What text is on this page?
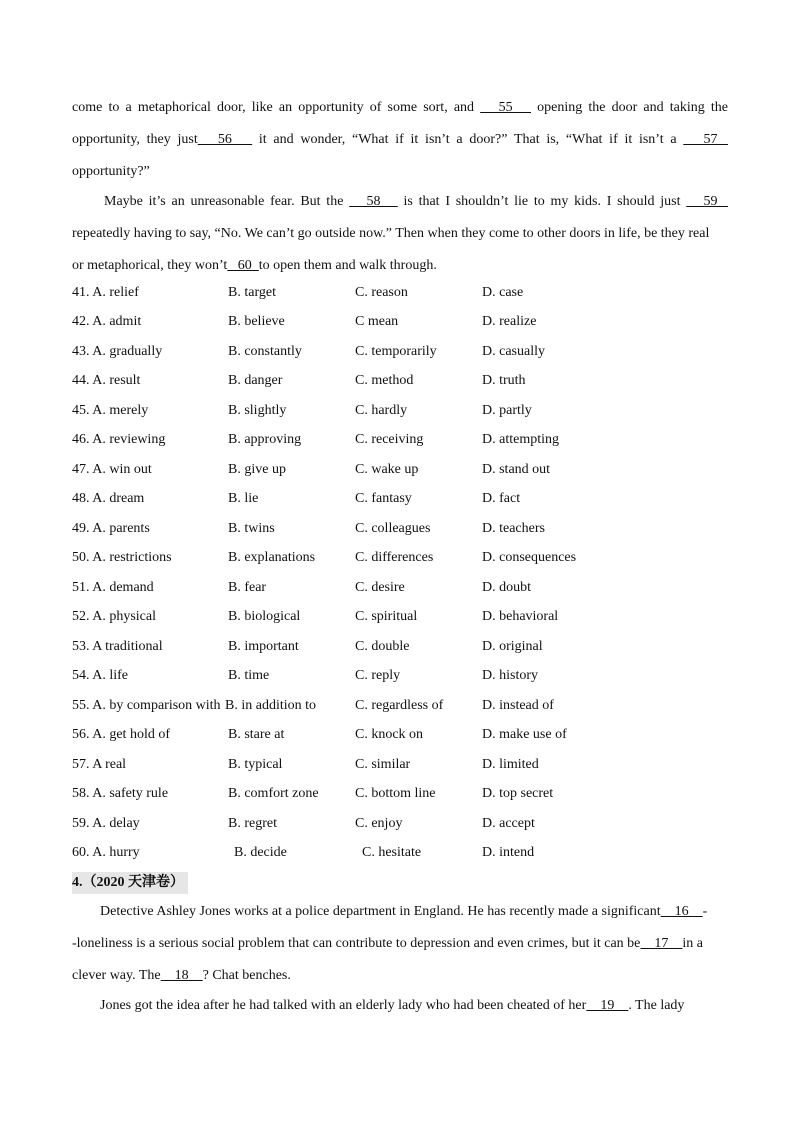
come to a metaphorical door, like an opportunity of some sort, and    55    opening the door and taking the
opportunity, they just   56    it and wonder, “What if it isn’t a door?” That is, “What if it isn’t a    57
opportunity?”
Maybe it’s an unreasonable fear. But the    58    is that I shouldn’t lie to my kids. I should just    59
repeatedly having to say, “No. We can’t go outside now.” Then when they come to other doors in life, be they real
or metaphorical, they won’t   60  to open them and walk through.
41. A. relief	B. target	C. reason	D. case
42. A. admit	B. believe	C mean	D. realize
43. A. gradually	B. constantly	C. temporarily	D. casually
44. A. result	B. danger	C. method	D. truth
45. A. merely	B. slightly	C. hardly	D. partly
46. A. reviewing	B. approving	C. receiving	D. attempting
47. A. win out	B. give up	C. wake up	D. stand out
48. A. dream	B. lie	C. fantasy	D. fact
49. A. parents	B. twins	C. colleagues	D. teachers
50. A. restrictions	B. explanations	C. differences	D. consequences
51. A. demand	B. fear	C. desire	D. doubt
52. A. physical	B. biological	C. spiritual	D. behavioral
53. A traditional	B. important	C. double	D. original
54. A. life	B. time	C. reply	D. history
55. A. by comparison with B. in addition to	C. regardless of	D. instead of
56. A. get hold of	B. stare at	C. knock on	D. make use of
57. A real	B. typical	C. similar	D. limited
58. A. safety rule	B. comfort zone	C. bottom line	D. top secret
59. A. delay	B. regret	C. enjoy	D. accept
60. A. hurry	B. decide	C. hesitate	D. intend
4.（2020 天津卷）
Detective Ashley Jones works at a police department in England. He has recently made a significant    16    -
-loneliness is a serious social problem that can contribute to depression and even crimes, but it can be    17    in a
clever way. The    18    ? Chat benches.
Jones got the idea after he had talked with an elderly lady who had been cheated of her    19    . The lady
